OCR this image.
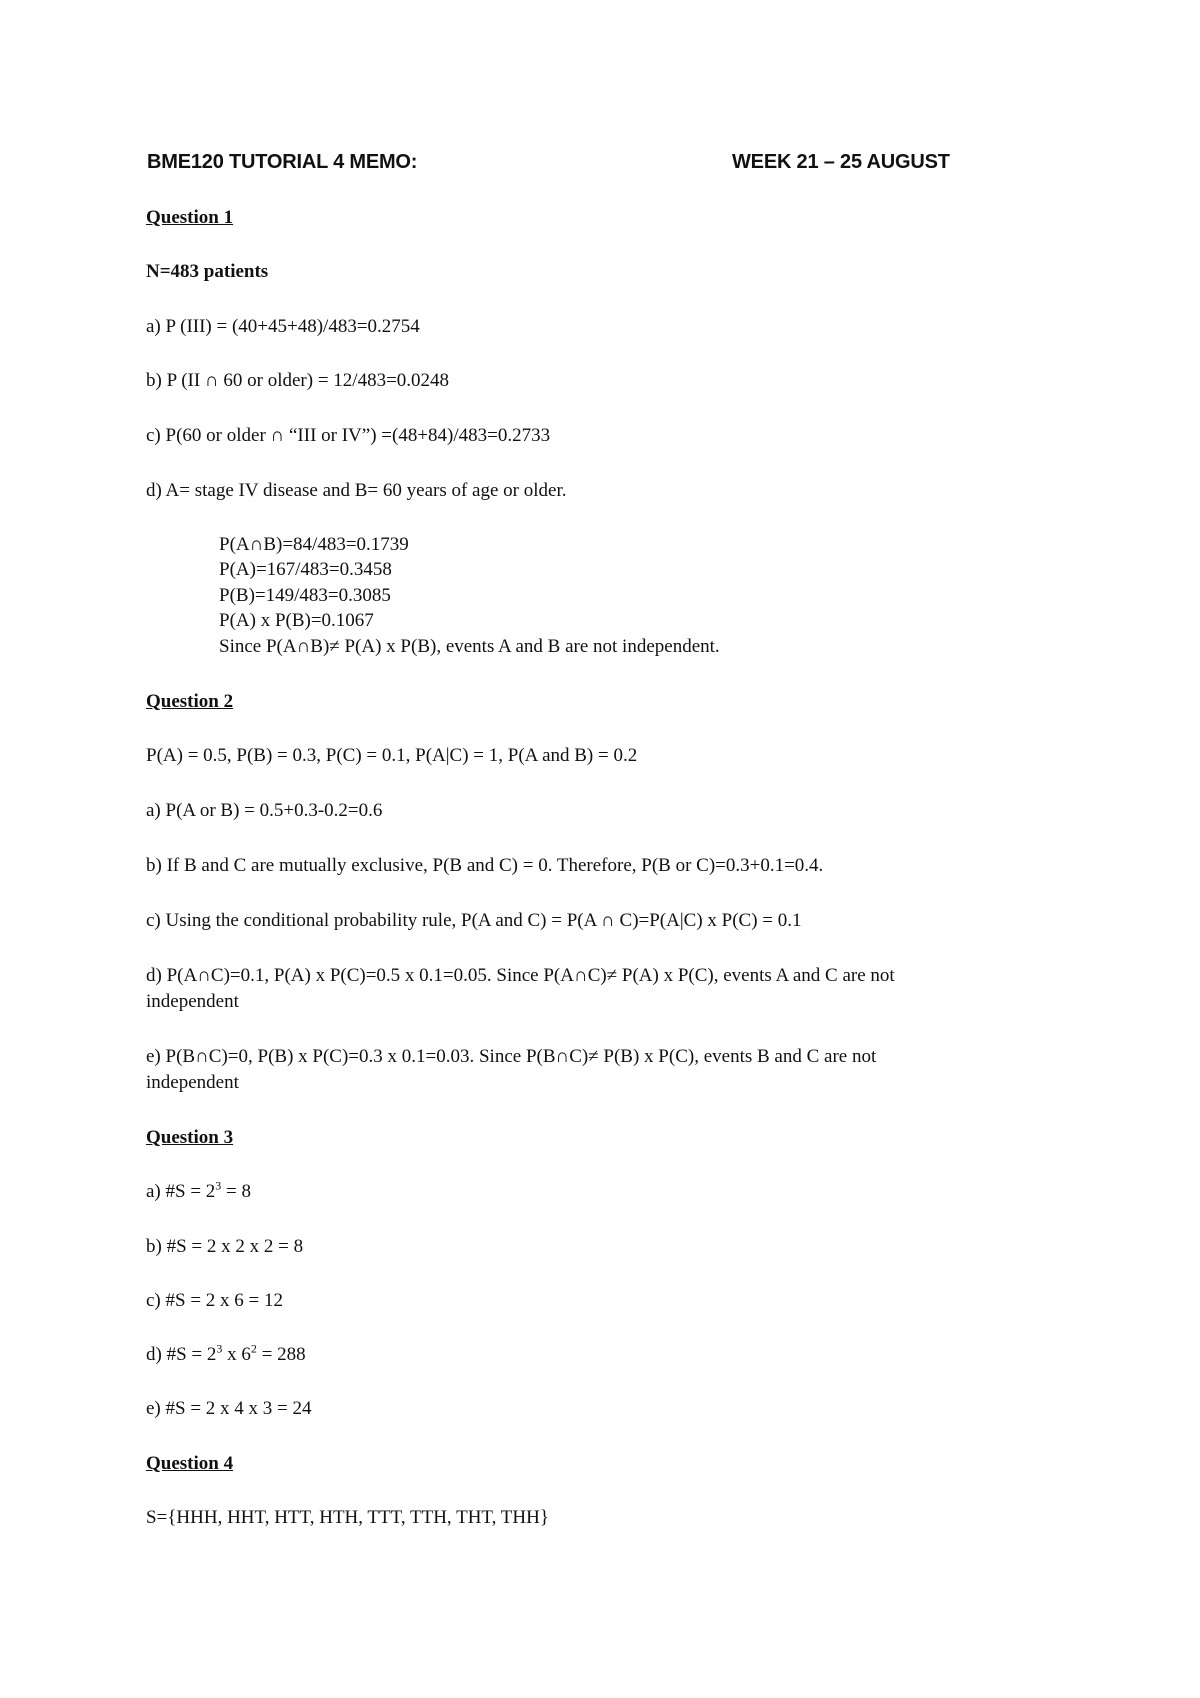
BME120 TUTORIAL 4 MEMO:	WEEK 21 – 25 AUGUST
Question 1
N=483 patients
a) P (III) = (40+45+48)/483=0.2754
b) P (II ∩ 60 or older) = 12/483=0.0248
c) P(60 or older ∩ “III or IV”) =(48+84)/483=0.2733
d) A= stage IV disease and B= 60 years of age or older.
P(A∩B)=84/483=0.1739
P(A)=167/483=0.3458
P(B)=149/483=0.3085
P(A) x P(B)=0.1067
Since P(A∩B)≠ P(A) x P(B), events A and B are not independent.
Question 2
P(A) = 0.5, P(B) = 0.3, P(C) = 0.1, P(A|C) = 1, P(A and B) = 0.2
a) P(A or B) = 0.5+0.3-0.2=0.6
b) If B and C are mutually exclusive, P(B and C) = 0. Therefore, P(B or C)=0.3+0.1=0.4.
c) Using the conditional probability rule, P(A and C) = P(A ∩ C)=P(A|C) x P(C) = 0.1
d) P(A∩C)=0.1, P(A) x P(C)=0.5 x 0.1=0.05. Since P(A∩C)≠ P(A) x P(C), events A and C are not
independent
e) P(B∩C)=0, P(B) x P(C)=0.3 x 0.1=0.03. Since P(B∩C)≠ P(B) x P(C), events B and C are not
independent
Question 3
a) #S = $2^3 = 8$
b) #S = 2 x 2 x 2 = 8
c) #S = 2 x 6 = 12
d) #S = $2^3$ x $6^2 = 288$
e) #S = 2 x 4 x 3 = 24
Question 4
S={HHH, HHT, HTT, HTH, TTT, TTH, THT, THH}
